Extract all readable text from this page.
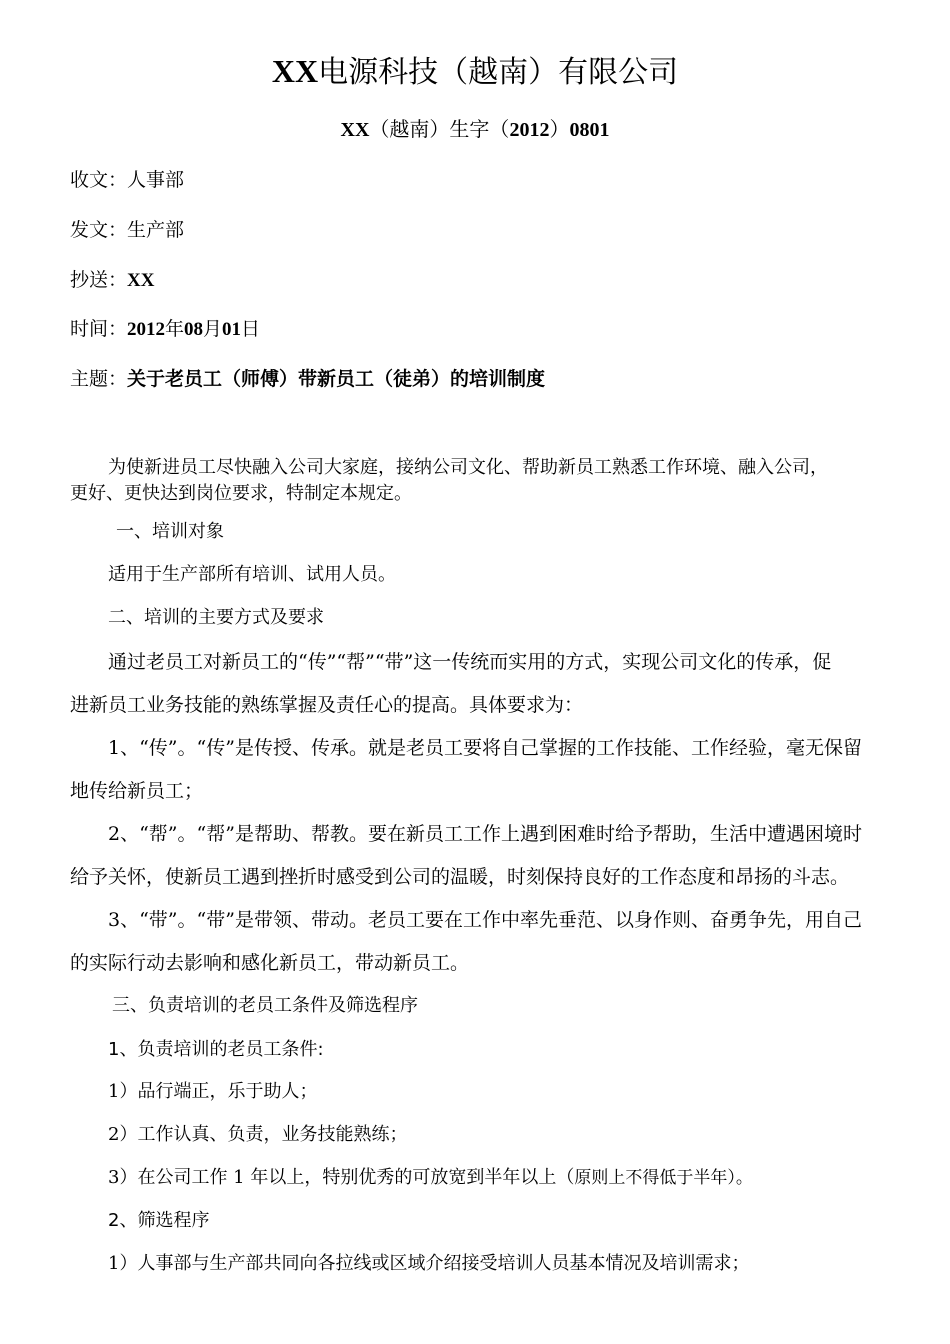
XX电源科技（越南）有限公司
XX（越南）生字（2012）0801
收文：人事部
发文：生产部
抄送：XX
时间：2012年08月01日
主题：关于老员工（师傅）带新员工（徒弟）的培训制度
为使新进员工尽快融入公司大家庭，接纳公司文化、帮助新员工熟悉工作环境、融入公司，
更好、更快达到岗位要求，特制定本规定。
一、培训对象
适用于生产部所有培训、试用人员。
二、培训的主要方式及要求
通过老员工对新员工的“传”“帮”“带”这一传统而实用的方式，实现公司文化的传承，促
进新员工业务技能的熟练掌握及责任心的提高。具体要求为：
1、“传”。“传”是传授、传承。就是老员工要将自己掌握的工作技能、工作经验，毫无保留
地传给新员工；
2、“帮”。“帮”是帮助、帮教。要在新员工工作上遇到困难时给予帮助，生活中遭遇困境时
给予关怀，使新员工遇到挫折时感受到公司的温暖，时刻保持良好的工作态度和昂扬的斗志。
3、“带”。“带”是带领、带动。老员工要在工作中率先垂范、以身作则、奋勇争先，用自己
的实际行动去影响和感化新员工，带动新员工。
三、负责培训的老员工条件及筛选程序
1、负责培训的老员工条件:
1）品行端正，乐于助人；
2）工作认真、负责，业务技能熟练；
3）在公司工作 1 年以上，特别优秀的可放宽到半年以上（原则上不得低于半年）。
2、筛选程序
1）人事部与生产部共同向各拉线或区域介绍接受培训人员基本情况及培训需求；
